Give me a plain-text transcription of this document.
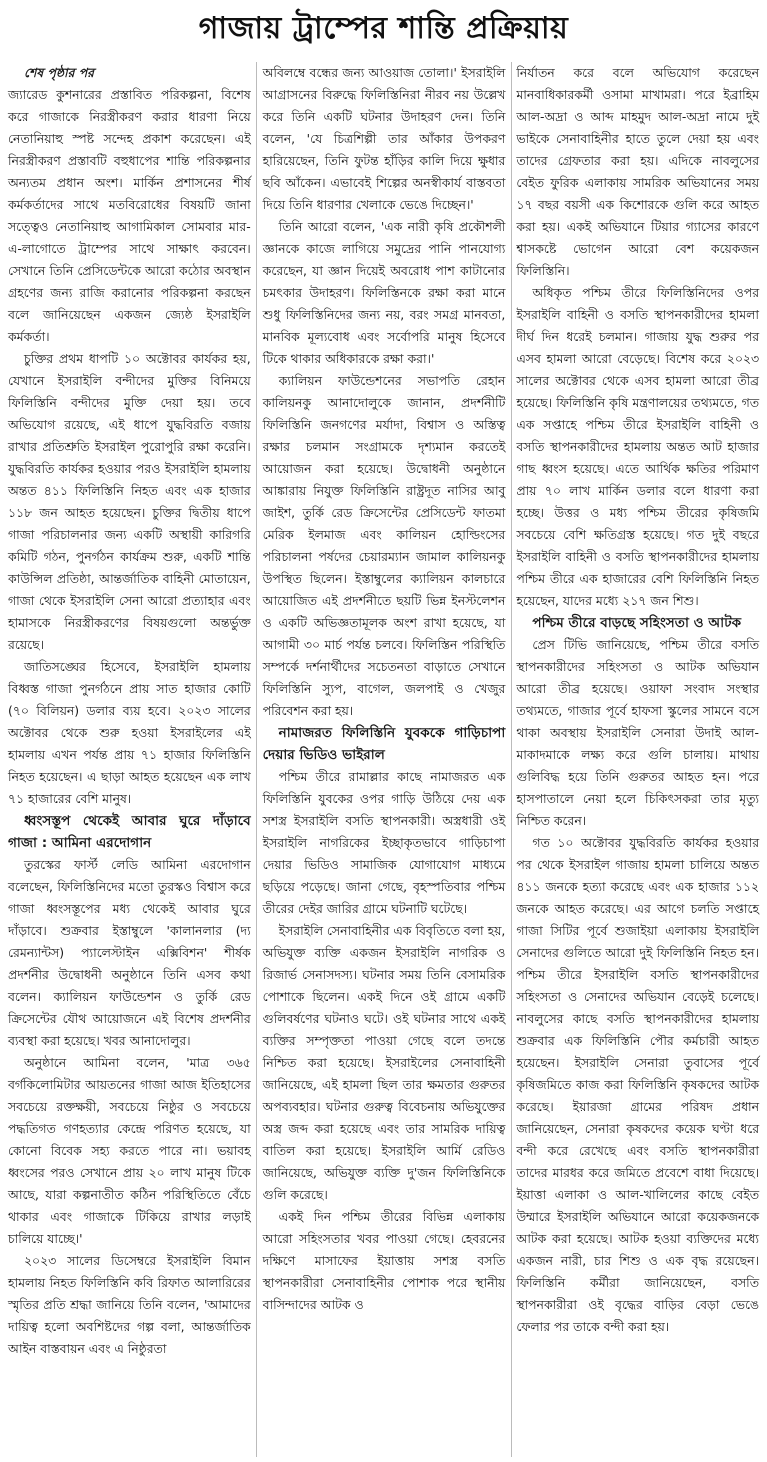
গাজায় ট্রাম্পের শান্তি প্রক্রিয়ায়

শেষ পৃষ্ঠার পর

জ্যারেড কুশনারের প্রস্তাবিত পরিকল্পনা, বিশেষ করে গাজাকে নিরস্ত্রীকরণ করার ধারণা নিয়ে নেতানিয়াহু স্পষ্ট সন্দেহ প্রকাশ করেছেন। এই নিরস্ত্রীকরণ প্রস্তাবটি বহুধাপের শান্তি পরিকল্পনার অন্যতম প্রধান অংশ। মার্কিন প্রশাসনের শীর্ষ কর্মকর্তাদের সাথে মতবিরোধের বিষয়টি জানা সত্ত্বেও নেতানিয়াহু আগামিকাল সোমবার মার-এ-লাগোতে ট্রাম্পের সাথে সাক্ষাৎ করবেন। সেখানে তিনি প্রেসিডেন্টকে আরো কঠোর অবস্থান গ্রহণের জন্য রাজি করানোর পরিকল্পনা করছেন বলে জানিয়েছেন একজন জ্যেষ্ঠ ইসরাইলি কর্মকর্তা।

চুক্তির প্রথম ধাপটি ১০ অক্টোবর কার্যকর হয়, যেখানে ইসরাইলি বন্দীদের মুক্তির বিনিময়ে ফিলিস্তিনি বন্দীদের মুক্তি দেয়া হয়। তবে অভিযোগ রয়েছে, এই ধাপে যুদ্ধবিরতি বজায় রাখার প্রতিশ্রুতি ইসরাইল পুরোপুরি রক্ষা করেনি। যুদ্ধবিরতি কার্যকর হওয়ার পরও ইসরাইলি হামলায় অন্তত ৪১১ ফিলিস্তিনি নিহত এবং এক হাজার ১১৮ জন আহত হয়েছেন। চুক্তির দ্বিতীয় ধাপে গাজা পরিচালনার জন্য একটি অস্থায়ী কারিগরি কমিটি গঠন, পুনর্গঠন কার্যক্রম শুরু, একটি শান্তি কাউন্সিল প্রতিষ্ঠা, আন্তর্জাতিক বাহিনী মোতায়েন, গাজা থেকে ইসরাইলি সেনা আরো প্রত্যাহার এবং হামাসকে নিরস্ত্রীকরণের বিষয়গুলো অন্তর্ভুক্ত রয়েছে।

জাতিসঙ্ঘের হিসেবে, ইসরাইলি হামলায় বিধ্বস্ত গাজা পুনর্গঠনে প্রায় সাত হাজার কোটি (৭০ বিলিয়ন) ডলার ব্যয় হবে। ২০২৩ সালের অক্টোবর থেকে শুরু হওয়া ইসরাইলের এই হামলায় এখন পর্যন্ত প্রায় ৭১ হাজার ফিলিস্তিনি নিহত হয়েছেন। এ ছাড়া আহত হয়েছেন এক লাখ ৭১ হাজারের বেশি মানুষ।

ধ্বংসস্তূপ থেকেই আবার ঘুরে দাঁড়াবে গাজা : আমিনা এরদোগান

তুরস্কের ফার্স্ট লেডি আমিনা এরদোগান বলেছেন, ফিলিস্তিনিদের মতো তুরস্কও বিশ্বাস করে গাজা ধ্বংসস্তূপের মধ্য থেকেই আবার ঘুরে দাঁড়াবে। শুক্রবার ইস্তাম্বুলে 'কালানলার (দ্য রেমন্যান্টস) প্যালেস্টাইন এক্সিবিশন' শীর্ষক প্রদর্শনীর উদ্বোধনী অনুষ্ঠানে তিনি এসব কথা বলেন। ক্যালিয়ন ফাউন্ডেশন ও তুর্কি রেড ক্রিসেন্টের যৌথ আয়োজনে এই বিশেষ প্রদর্শনীর ব্যবস্থা করা হয়েছে। খবর আনাদোলুর।

অনুষ্ঠানে আমিনা বলেন, 'মাত্র ৩৬৫ বর্গকিলোমিটার আয়তনের গাজা আজ ইতিহাসের সবচেয়ে রক্তক্ষয়ী, সবচেয়ে নিষ্ঠুর ও সবচেয়ে পদ্ধতিগত গণহত্যার কেন্দ্রে পরিণত হয়েছে, যা কোনো বিবেক সহ্য করতে পারে না। ভয়াবহ ধ্বংসের পরও সেখানে প্রায় ২০ লাখ মানুষ টিকে আছে, যারা কল্পনাতীত কঠিন পরিস্থিতিতে বেঁচে থাকার এবং গাজাকে টিকিয়ে রাখার লড়াই চালিয়ে যাচ্ছে।'

২০২৩ সালের ডিসেম্বরে ইসরাইলি বিমান হামলায় নিহত ফিলিস্তিনি কবি রিফাত আলারিরের স্মৃতির প্রতি শ্রদ্ধা জানিয়ে তিনি বলেন, 'আমাদের দায়িত্ব হলো অবশিষ্টদের গল্প বলা, আন্তর্জাতিক আইন বাস্তবায়ন এবং এ নিষ্ঠুরতা

অবিলম্বে বন্ধের জন্য আওয়াজ তোলা।' ইসরাইলি আগ্রাসনের বিরুদ্ধে ফিলিস্তিনিরা নীরব নয় উল্লেখ করে তিনি একটি ঘটনার উদাহরণ দেন। তিনি বলেন, 'যে চিত্রশিল্পী তার আঁকার উপকরণ হারিয়েছেন, তিনি ফুটন্ত হাঁড়ির কালি দিয়ে ক্ষুধার ছবি আঁকেন। এভাবেই শিল্পের অনস্বীকার্য বাস্তবতা দিয়ে তিনি ধারণার খেলাকে ভেঙে দিচ্ছেন।'

তিনি আরো বলেন, 'এক নারী কৃষি প্রকৌশলী জ্ঞানকে কাজে লাগিয়ে সমুদ্রের পানি পানযোগ্য করেছেন, যা জ্ঞান দিয়েই অবরোধ পাশ কাটানোর চমৎকার উদাহরণ। ফিলিস্তিনকে রক্ষা করা মানে শুধু ফিলিস্তিনিদের জন্য নয়, বরং সমগ্র মানবতা, মানবিক মূল্যবোধ এবং সর্বোপরি মানুষ হিসেবে টিকে থাকার অধিকারকে রক্ষা করা।'

ক্যালিয়ন ফাউন্ডেশনের সভাপতি রেহান কালিয়নকু আনাদোলুকে জানান, প্রদর্শনীটি ফিলিস্তিনি জনগণের মর্যাদা, বিশ্বাস ও অস্তিত্ব রক্ষার চলমান সংগ্রামকে দৃশ্যমান করতেই আয়োজন করা হয়েছে। উদ্বোধনী অনুষ্ঠানে আঙ্কারায় নিযুক্ত ফিলিস্তিনি রাষ্ট্রদূত নাসির আবু জাইশ, তুর্কি রেড ক্রিসেন্টের প্রেসিডেন্ট ফাতমা মেরিক ইলমাজ এবং কালিয়ন হোল্ডিংসের পরিচালনা পর্ষদের চেয়ারম্যান জামাল কালিয়নকু উপস্থিত ছিলেন। ইস্তাম্বুলের ক্যালিয়ন কালচারে আয়োজিত এই প্রদর্শনীতে ছয়টি ভিন্ন ইনস্টলেশন ও একটি অভিজ্ঞতামূলক অংশ রাখা হয়েছে, যা আগামী ৩০ মার্চ পর্যন্ত চলবে। ফিলিস্তিন পরিস্থিতি সম্পর্কে দর্শনার্থীদের সচেতনতা বাড়াতে সেখানে ফিলিস্তিনি স্যুপ, বাগেল, জলপাই ও খেজুর পরিবেশন করা হয়।

নামাজরত ফিলিস্তিনি যুবককে গাড়িচাপা দেয়ার ভিডিও ভাইরাল

পশ্চিম তীরে রামাল্লার কাছে নামাজরত এক ফিলিস্তিনি যুবকের ওপর গাড়ি উঠিয়ে দেয় এক সশস্ত্র ইসরাইলি বসতি স্থাপনকারী। অস্ত্রধারী ওই ইসরাইলি নাগরিকের ইচ্ছাকৃতভাবে গাড়িচাপা দেয়ার ভিডিও সামাজিক যোগাযোগ মাধ্যমে ছড়িয়ে পড়েছে। জানা গেছে, বৃহস্পতিবার পশ্চিম তীরের দেইর জারির গ্রামে ঘটনাটি ঘটেছে।

ইসরাইলি সেনাবাহিনীর এক বিবৃতিতে বলা হয়, অভিযুক্ত ব্যক্তি একজন ইসরাইলি নাগরিক ও রিজার্ভ সেনাসদস্য। ঘটনার সময় তিনি বেসামরিক পোশাকে ছিলেন। একই দিনে ওই গ্রামে একটি গুলিবর্ষণের ঘটনাও ঘটে। ওই ঘটনার সাথে একই ব্যক্তির সম্পৃক্ততা পাওয়া গেছে বলে তদন্তে নিশ্চিত করা হয়েছে। ইসরাইলের সেনাবাহিনী জানিয়েছে, এই হামলা ছিল তার ক্ষমতার গুরুতর অপব্যবহার। ঘটনার গুরুত্ব বিবেচনায় অভিযুক্তের অস্ত্র জব্দ করা হয়েছে এবং তার সামরিক দায়িত্ব বাতিল করা হয়েছে। ইসরাইলি আর্মি রেডিও জানিয়েছে, অভিযুক্ত ব্যক্তি দু'জন ফিলিস্তিনিকে গুলি করেছে।

একই দিন পশ্চিম তীরের বিভিন্ন এলাকায় আরো সহিংসতার খবর পাওয়া গেছে। হেবরনের দক্ষিণে মাসাফের ইয়াত্তায় সশস্ত্র বসতি স্থাপনকারীরা সেনাবাহিনীর পোশাক পরে স্থানীয় বাসিন্দাদের আটক ও

নির্যাতন করে বলে অভিযোগ করেছেন মানবাধিকারকর্মী ওসামা মাখামরা। পরে ইব্রাহিম আল-অদ্রা ও আব্দ মাহমুদ আল-অদ্রা নামে দুই ভাইকে সেনাবাহিনীর হাতে তুলে দেয়া হয় এবং তাদের গ্রেফতার করা হয়। এদিকে নাবলুসের বেইত ফুরিক এলাকায় সামরিক অভিযানের সময় ১৭ বছর বয়সী এক কিশোরকে গুলি করে আহত করা হয়। একই অভিযানে টিয়ার গ্যাসের কারণে শ্বাসকষ্টে ভোগেন আরো বেশ কয়েকজন ফিলিস্তিনি।

অধিকৃত পশ্চিম তীরে ফিলিস্তিনিদের ওপর ইসরাইলি বাহিনী ও বসতি স্থাপনকারীদের হামলা দীর্ঘ দিন ধরেই চলমান। গাজায় যুদ্ধ শুরুর পর এসব হামলা আরো বেড়েছে। বিশেষ করে ২০২৩ সালের অক্টোবর থেকে এসব হামলা আরো তীব্র হয়েছে। ফিলিস্তিনি কৃষি মন্ত্রণালয়ের তথ্যমতে, গত এক সপ্তাহে পশ্চিম তীরে ইসরাইলি বাহিনী ও বসতি স্থাপনকারীদের হামলায় অন্তত আট হাজার গাছ ধ্বংস হয়েছে। এতে আর্থিক ক্ষতির পরিমাণ প্রায় ৭০ লাখ মার্কিন ডলার বলে ধারণা করা হচ্ছে। উত্তর ও মধ্য পশ্চিম তীরের কৃষিজমি সবচেয়ে বেশি ক্ষতিগ্রস্ত হয়েছে। গত দুই বছরে ইসরাইলি বাহিনী ও বসতি স্থাপনকারীদের হামলায় পশ্চিম তীরে এক হাজারের বেশি ফিলিস্তিনি নিহত হয়েছেন, যাদের মধ্যে ২১৭ জন শিশু।

পশ্চিম তীরে বাড়ছে সহিংসতা ও আটক

প্রেস টিভি জানিয়েছে, পশ্চিম তীরে বসতি স্থাপনকারীদের সহিংসতা ও আটক অভিযান আরো তীব্র হয়েছে। ওয়াফা সংবাদ সংস্থার তথ্যমতে, গাজার পূর্বে হাফসা স্কুলের সামনে বসে থাকা অবস্থায় ইসরাইলি সেনারা উদাই আল-মাকাদমাকে লক্ষ্য করে গুলি চালায়। মাথায় গুলিবিদ্ধ হয়ে তিনি গুরুতর আহত হন। পরে হাসপাতালে নেয়া হলে চিকিৎসকরা তার মৃত্যু নিশ্চিত করেন।

গত ১০ অক্টোবর যুদ্ধবিরতি কার্যকর হওয়ার পর থেকে ইসরাইল গাজায় হামলা চালিয়ে অন্তত ৪১১ জনকে হত্যা করেছে এবং এক হাজার ১১২ জনকে আহত করেছে। এর আগে চলতি সপ্তাহে গাজা সিটির পূর্বে শুজাইয়া এলাকায় ইসরাইলি সেনাদের গুলিতে আরো দুই ফিলিস্তিনি নিহত হন। পশ্চিম তীরে ইসরাইলি বসতি স্থাপনকারীদের সহিংসতা ও সেনাদের অভিযান বেড়েই চলেছে। নাবলুসের কাছে বসতি স্থাপনকারীদের হামলায় শুক্রবার এক ফিলিস্তিনি পৌর কর্মচারী আহত হয়েছেন। ইসরাইলি সেনারা তুবাসের পূর্বে কৃষিজমিতে কাজ করা ফিলিস্তিনি কৃষকদের আটক করেছে। ইয়ারজা গ্রামের পরিষদ প্রধান জানিয়েছেন, সেনারা কৃষকদের কয়েক ঘণ্টা ধরে বন্দী করে রেখেছে এবং বসতি স্থাপনকারীরা তাদের মারধর করে জমিতে প্রবেশে বাধা দিয়েছে। ইয়াত্তা এলাকা ও আল-খালিলের কাছে বেইত উম্মারে ইসরাইলি অভিযানে আরো কয়েকজনকে আটক করা হয়েছে। আটক হওয়া ব্যক্তিদের মধ্যে একজন নারী, চার শিশু ও এক বৃদ্ধ রয়েছেন। ফিলিস্তিনি কর্মীরা জানিয়েছেন, বসতি স্থাপনকারীরা ওই বৃদ্ধের বাড়ির বেড়া ভেঙে ফেলার পর তাকে বন্দী করা হয়।
